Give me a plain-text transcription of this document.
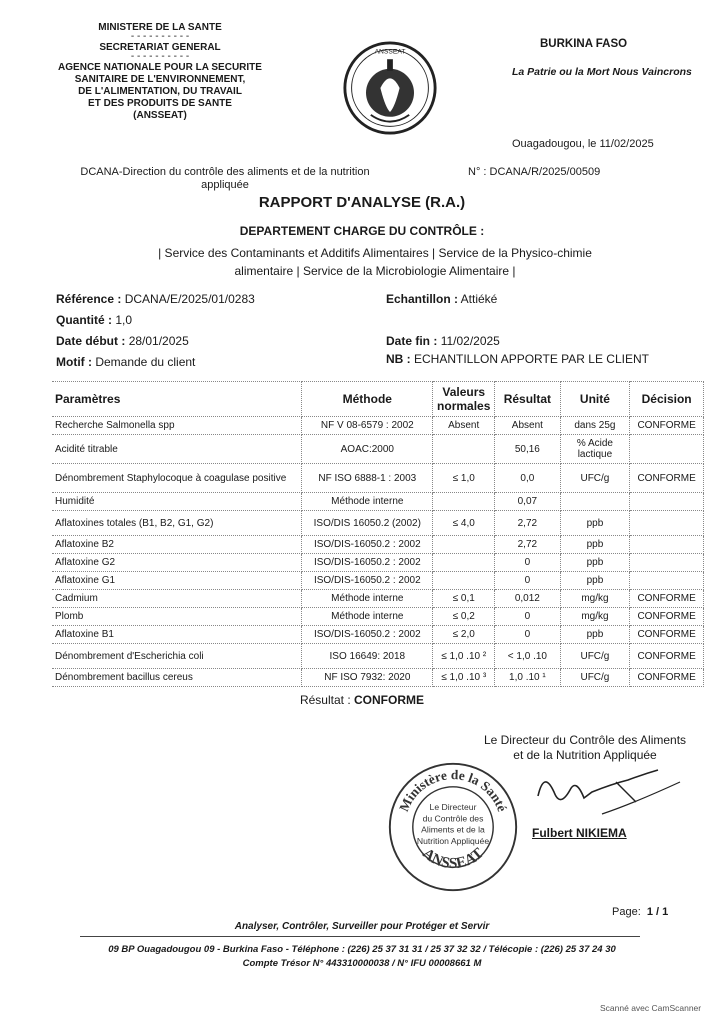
MINISTERE DE LA SANTE
- - - - - - - - - -
SECRETARIAT GENERAL
- - - - - - - - - -
AGENCE NATIONALE POUR LA SECURITE
SANITAIRE DE L'ENVIRONNEMENT,
DE L'ALIMENTATION, DU TRAVAIL
ET DES PRODUITS DE SANTE
(ANSSEAT)
ANSSEAT
BURKINA FASO
La Patrie ou la Mort Nous Vaincrons
Ouagadougou, le 11/02/2025
DCANA-Direction du contrôle des aliments et de la nutrition appliquée
N° : DCANA/R/2025/00509
RAPPORT D'ANALYSE (R.A.)
DEPARTEMENT CHARGE DU CONTRÔLE :
| Service des Contaminants et Additifs Alimentaires | Service de la Physico-chimie alimentaire | Service de la Microbiologie Alimentaire |
Référence : DCANA/E/2025/01/0283	Echantillon : Attiéké
Quantité : 1,0
Date début : 28/01/2025	Date fin : 11/02/2025
Motif : Demande du client	NB : ECHANTILLON APPORTE PAR LE CLIENT
Paramètres	Méthode	Valeurs normales	Résultat	Unité	Décision
Recherche Salmonella spp	NF V 08-6579 : 2002	Absent	Absent	dans 25g	CONFORME
Acidité titrable	AOAC:2000		50,16	% Acide lactique	
Dénombrement Staphylocoque à coagulase positive	NF ISO 6888-1 : 2003	≤ 1,0	0,0	UFC/g	CONFORME
Humidité	Méthode interne		0,07		
Aflatoxines totales (B1, B2, G1, G2)	ISO/DIS 16050.2 (2002)	≤ 4,0	2,72	ppb	
Aflatoxine B2	ISO/DIS-16050.2 : 2002		2,72	ppb	
Aflatoxine G2	ISO/DIS-16050.2 : 2002		0	ppb	
Aflatoxine G1	ISO/DIS-16050.2 : 2002		0	ppb	
Cadmium	Méthode interne	≤ 0,1	0,012	mg/kg	CONFORME
Plomb	Méthode interne	≤ 0,2	0	mg/kg	CONFORME
Aflatoxine B1	ISO/DIS-16050.2 : 2002	≤ 2,0	0	ppb	CONFORME
Dénombrement d'Escherichia coli	ISO 16649: 2018	≤ 1,0 .10 ²	< 1,0 .10	UFC/g	CONFORME
Dénombrement bacillus cereus	NF ISO 7932: 2020	≤ 1,0 .10 ³	1,0 .10 ¹	UFC/g	CONFORME
Résultat : CONFORME
Le Directeur du Contrôle des Aliments
et de la Nutrition Appliquée
Ministère de la Santé
ANSSEAT
Le Directeur
du Contrôle des
Aliments et de la
Nutrition Appliquée
Fulbert NIKIEMA
Page: 1 / 1
Analyser, Contrôler, Surveiller pour Protéger et Servir
09 BP Ouagadougou 09 - Burkina Faso - Téléphone : (226) 25 37 31 31 / 25 37 32 32 / Télécopie : (226) 25 37 24 30
Compte Trésor N° 443310000038 / N° IFU 00008661 M
Scanné avec CamScanner
